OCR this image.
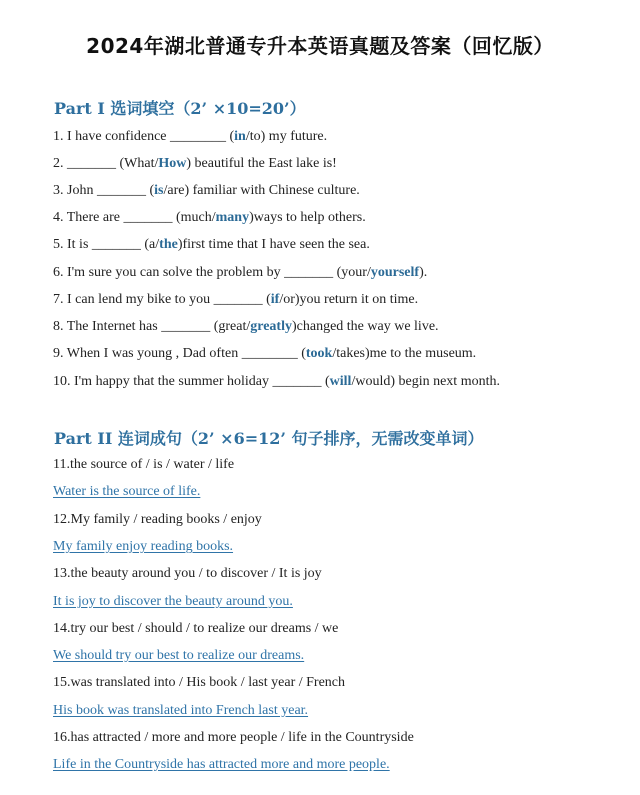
2024年湖北普通专升本英语真题及答案（回忆版）
Part I 选词填空（2’ ×10=20’）
1. I have confidence ________ (in/to) my future.
2. _______ (What/How) beautiful the East lake is!
3. John _______ (is/are) familiar with Chinese culture.
4. There are _______ (much/many)ways to help others.
5. It is _______ (a/the)first time that I have seen the sea.
6. I'm sure you can solve the problem by _______ (your/yourself).
7. I can lend my bike to you _______ (if/or)you return it on time.
8. The Internet has _______ (great/greatly)changed the way we live.
9. When I was young , Dad often ________ (took/takes)me to the museum.
10. I'm happy that the summer holiday _______ (will/would) begin next month.
Part II 连词成句（2’ ×6=12’ 句子排序，无需改变单词）
11.the source of / is / water / life
Water is the source of life.
12.My family / reading books / enjoy
My family enjoy reading books.
13.the beauty around you / to discover / It is joy
It is joy to discover the beauty around you.
14.try our best / should / to realize our dreams / we
We should try our best to realize our dreams.
15.was translated into / His book / last year / French
His book was translated into French last year.
16.has attracted / more and more people / life in the Countryside
Life in the Countryside has attracted more and more people.
